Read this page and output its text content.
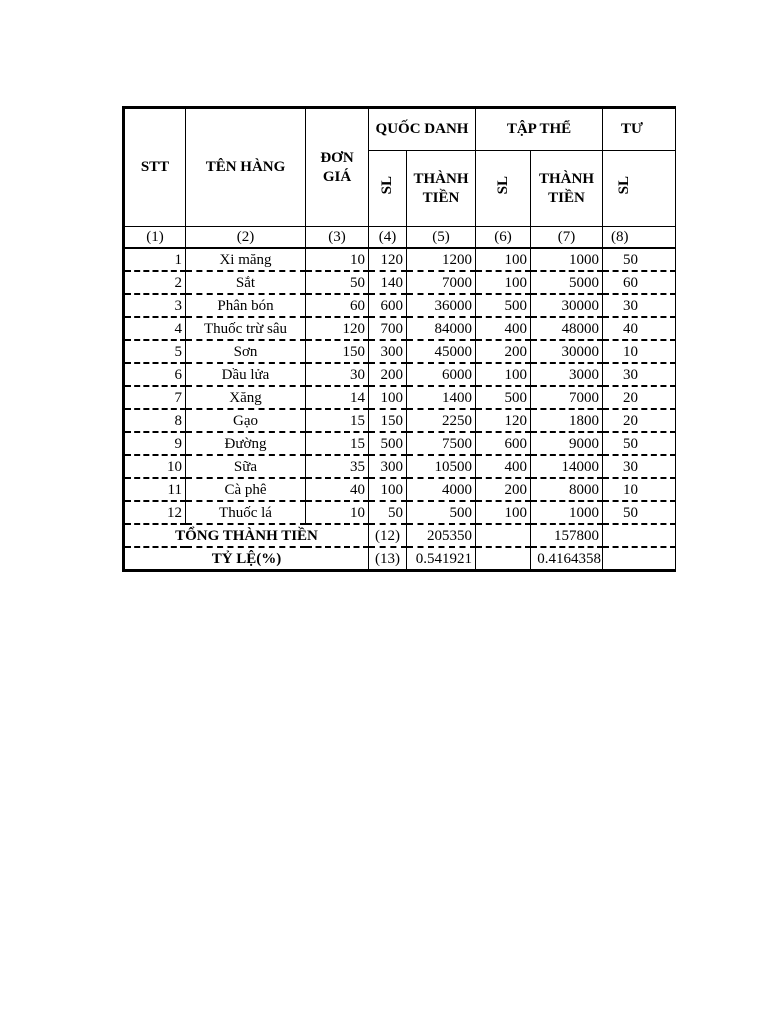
STT	TÊN HÀNG	ĐƠN GIÁ	QUỐC DANH		TẬP THỂ		TƯ
			SL	THÀNH TIỀN	SL	THÀNH TIỀN	SL
(1)	(2)	(3)	(4)	(5)	(6)	(7)	(8)
1	Xi măng	10	120	1200	100	1000	50
2	Sắt	50	140	7000	100	5000	60
3	Phân bón	60	600	36000	500	30000	30
4	Thuốc trừ sâu	120	700	84000	400	48000	40
5	Sơn	150	300	45000	200	30000	10
6	Dầu lửa	30	200	6000	100	3000	30
7	Xăng	14	100	1400	500	7000	20
8	Gạo	15	150	2250	120	1800	20
9	Đường	15	500	7500	600	9000	50
10	Sữa	35	300	10500	400	14000	30
11	Cà phê	40	100	4000	200	8000	10
12	Thuốc lá	10	50	500	100	1000	50
TỔNG THÀNH TIỀN			(12)	205350		157800	
TỶ LỆ(%)			(13)	0.541921		0.4164358	
